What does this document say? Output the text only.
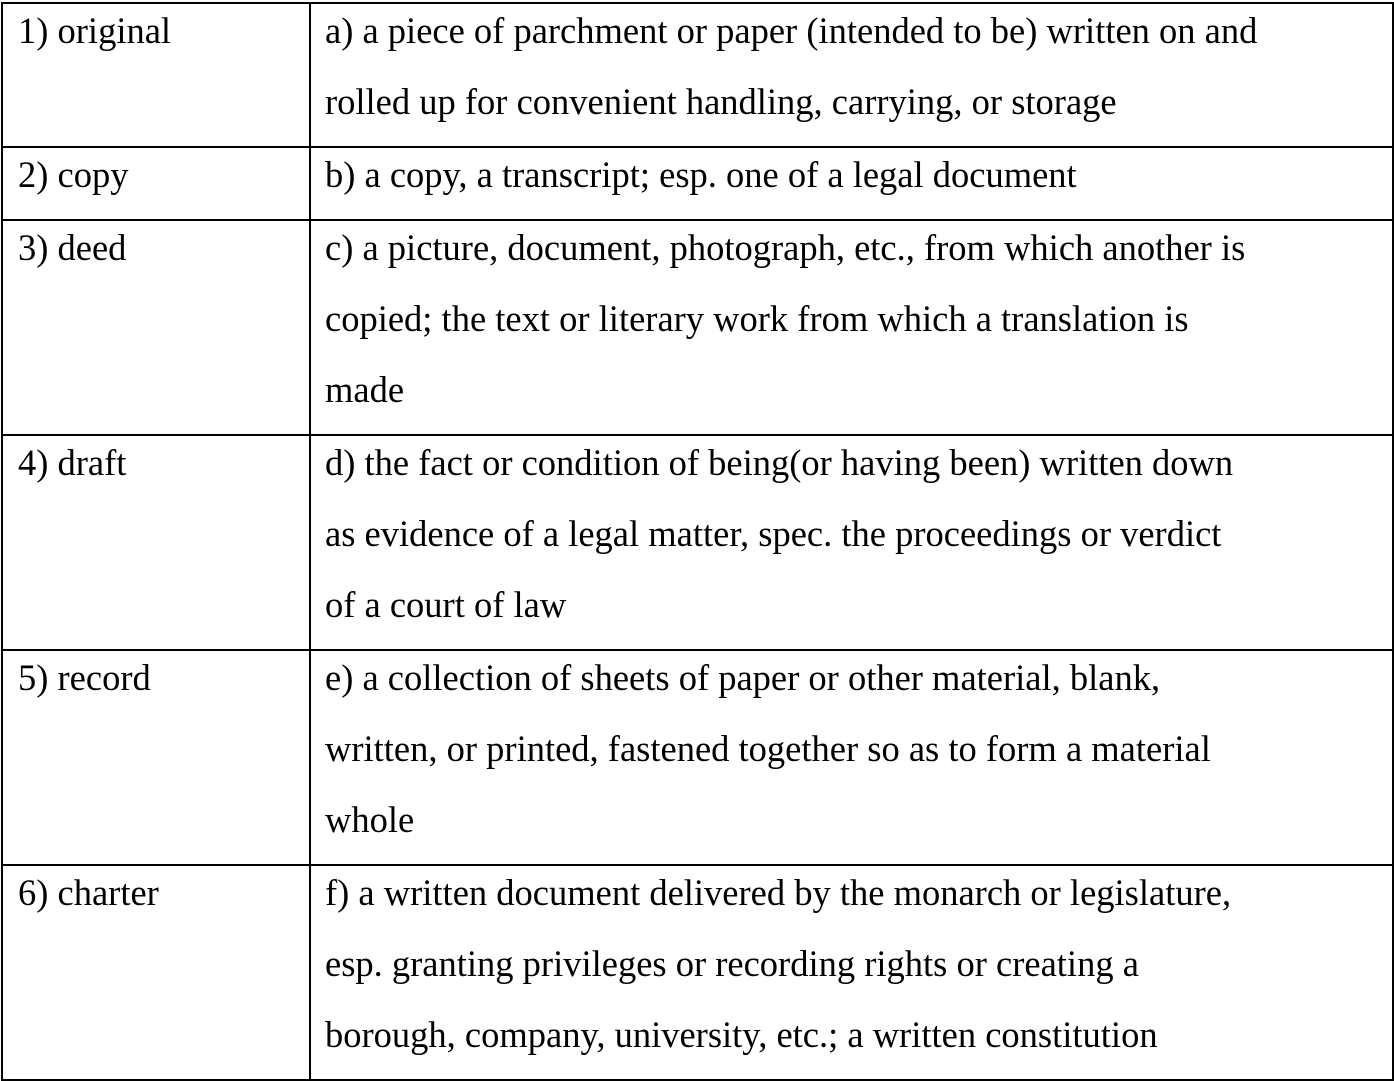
1) original	a) a piece of parchment or paper (intended to be) written on and
rolled up for convenient handling, carrying, or storage

2) copy	b) a copy, a transcript; esp. one of a legal document

3) deed	c) a picture, document, photograph, etc., from which another is
copied; the text or literary work from which a translation is
made

4) draft	d) the fact or condition of being(or having been) written down
as evidence of a legal matter, spec. the proceedings or verdict
of a court of law

5) record	e) a collection of sheets of paper or other material, blank,
written, or printed, fastened together so as to form a material
whole

6) charter	f) a written document delivered by the monarch or legislature,
esp. granting privileges or recording rights or creating a
borough, company, university, etc.; a written constitution
